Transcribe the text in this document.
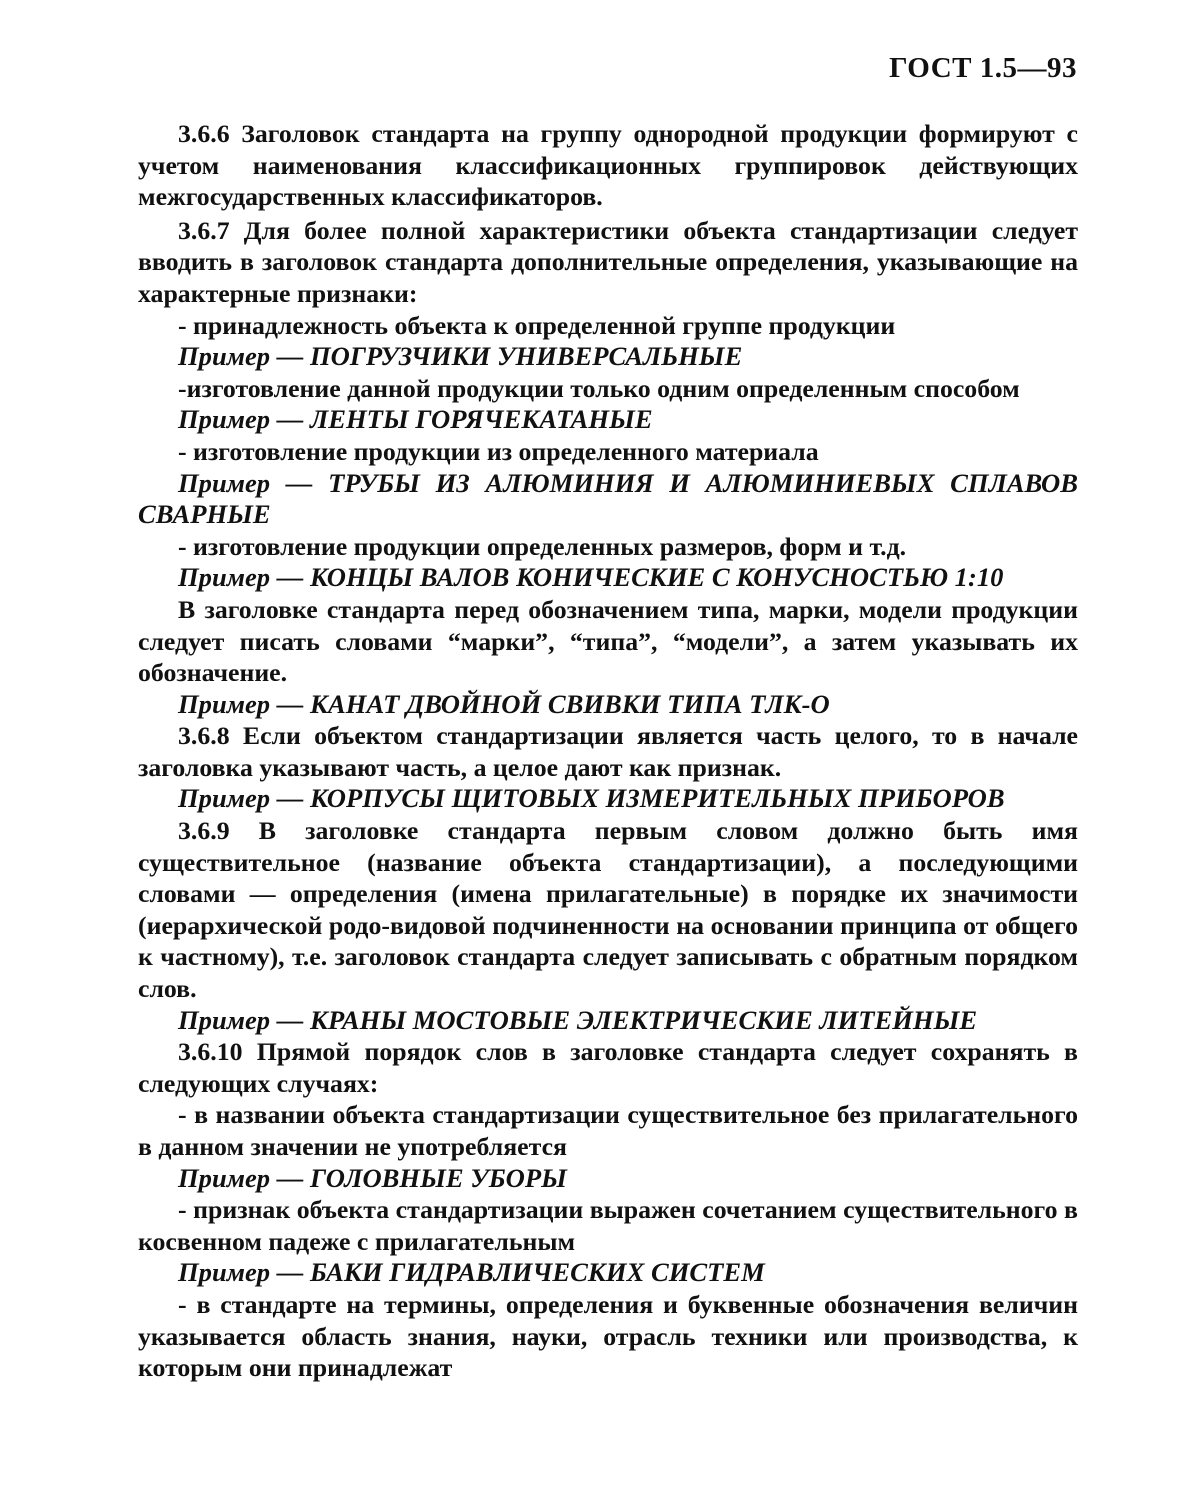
ГОСТ 1.5—93

3.6.6 Заголовок стандарта на группу однородной продукции формируют с учетом наименования классификационных группировок действующих межгосударственных классификаторов.

3.6.7 Для более полной характеристики объекта стандартизации следует вводить в заголовок стандарта дополнительные определения, указывающие на характерные признаки:

- принадлежность объекта к определенной группе продукции

Пример — ПОГРУЗЧИКИ УНИВЕРСАЛЬНЫЕ

-изготовление данной продукции только одним определенным способом

Пример — ЛЕНТЫ ГОРЯЧЕКАТАНЫЕ

- изготовление продукции из определенного материала

Пример — ТРУБЫ ИЗ АЛЮМИНИЯ И АЛЮМИНИЕВЫХ СПЛАВОВ СВАРНЫЕ

- изготовление продукции определенных размеров, форм и т.д.

Пример — КОНЦЫ ВАЛОВ КОНИЧЕСКИЕ С КОНУСНОСТЬЮ 1:10

В заголовке стандарта перед обозначением типа, марки, модели продукции следует писать словами “марки”, “типа”, “модели”, а затем указывать их обозначение.

Пример — КАНАТ ДВОЙНОЙ СВИВКИ ТИПА ТЛК-О

3.6.8 Если объектом стандартизации является часть целого, то в начале заголовка указывают часть, а целое дают как признак.

Пример — КОРПУСЫ ЩИТОВЫХ ИЗМЕРИТЕЛЬНЫХ ПРИБОРОВ

3.6.9 В заголовке стандарта первым словом должно быть имя существительное (название объекта стандартизации), а последующими словами — определения (имена прилагательные) в порядке их значимости (иерархической родо-видовой подчиненности на основании принципа от общего к частному), т.е. заголовок стандарта следует записывать с обратным порядком слов.

Пример — КРАНЫ МОСТОВЫЕ ЭЛЕКТРИЧЕСКИЕ ЛИТЕЙНЫЕ

3.6.10 Прямой порядок слов в заголовке стандарта следует сохранять в следующих случаях:

- в названии объекта стандартизации существительное без прилагательного в данном значении не употребляется

Пример — ГОЛОВНЫЕ УБОРЫ

- признак объекта стандартизации выражен сочетанием существительного в косвенном падеже с прилагательным

Пример — БАКИ ГИДРАВЛИЧЕСКИХ СИСТЕМ

- в стандарте на термины, определения и буквенные обозначения величин указывается область знания, науки, отрасль техники или производства, к которым они принадлежат
